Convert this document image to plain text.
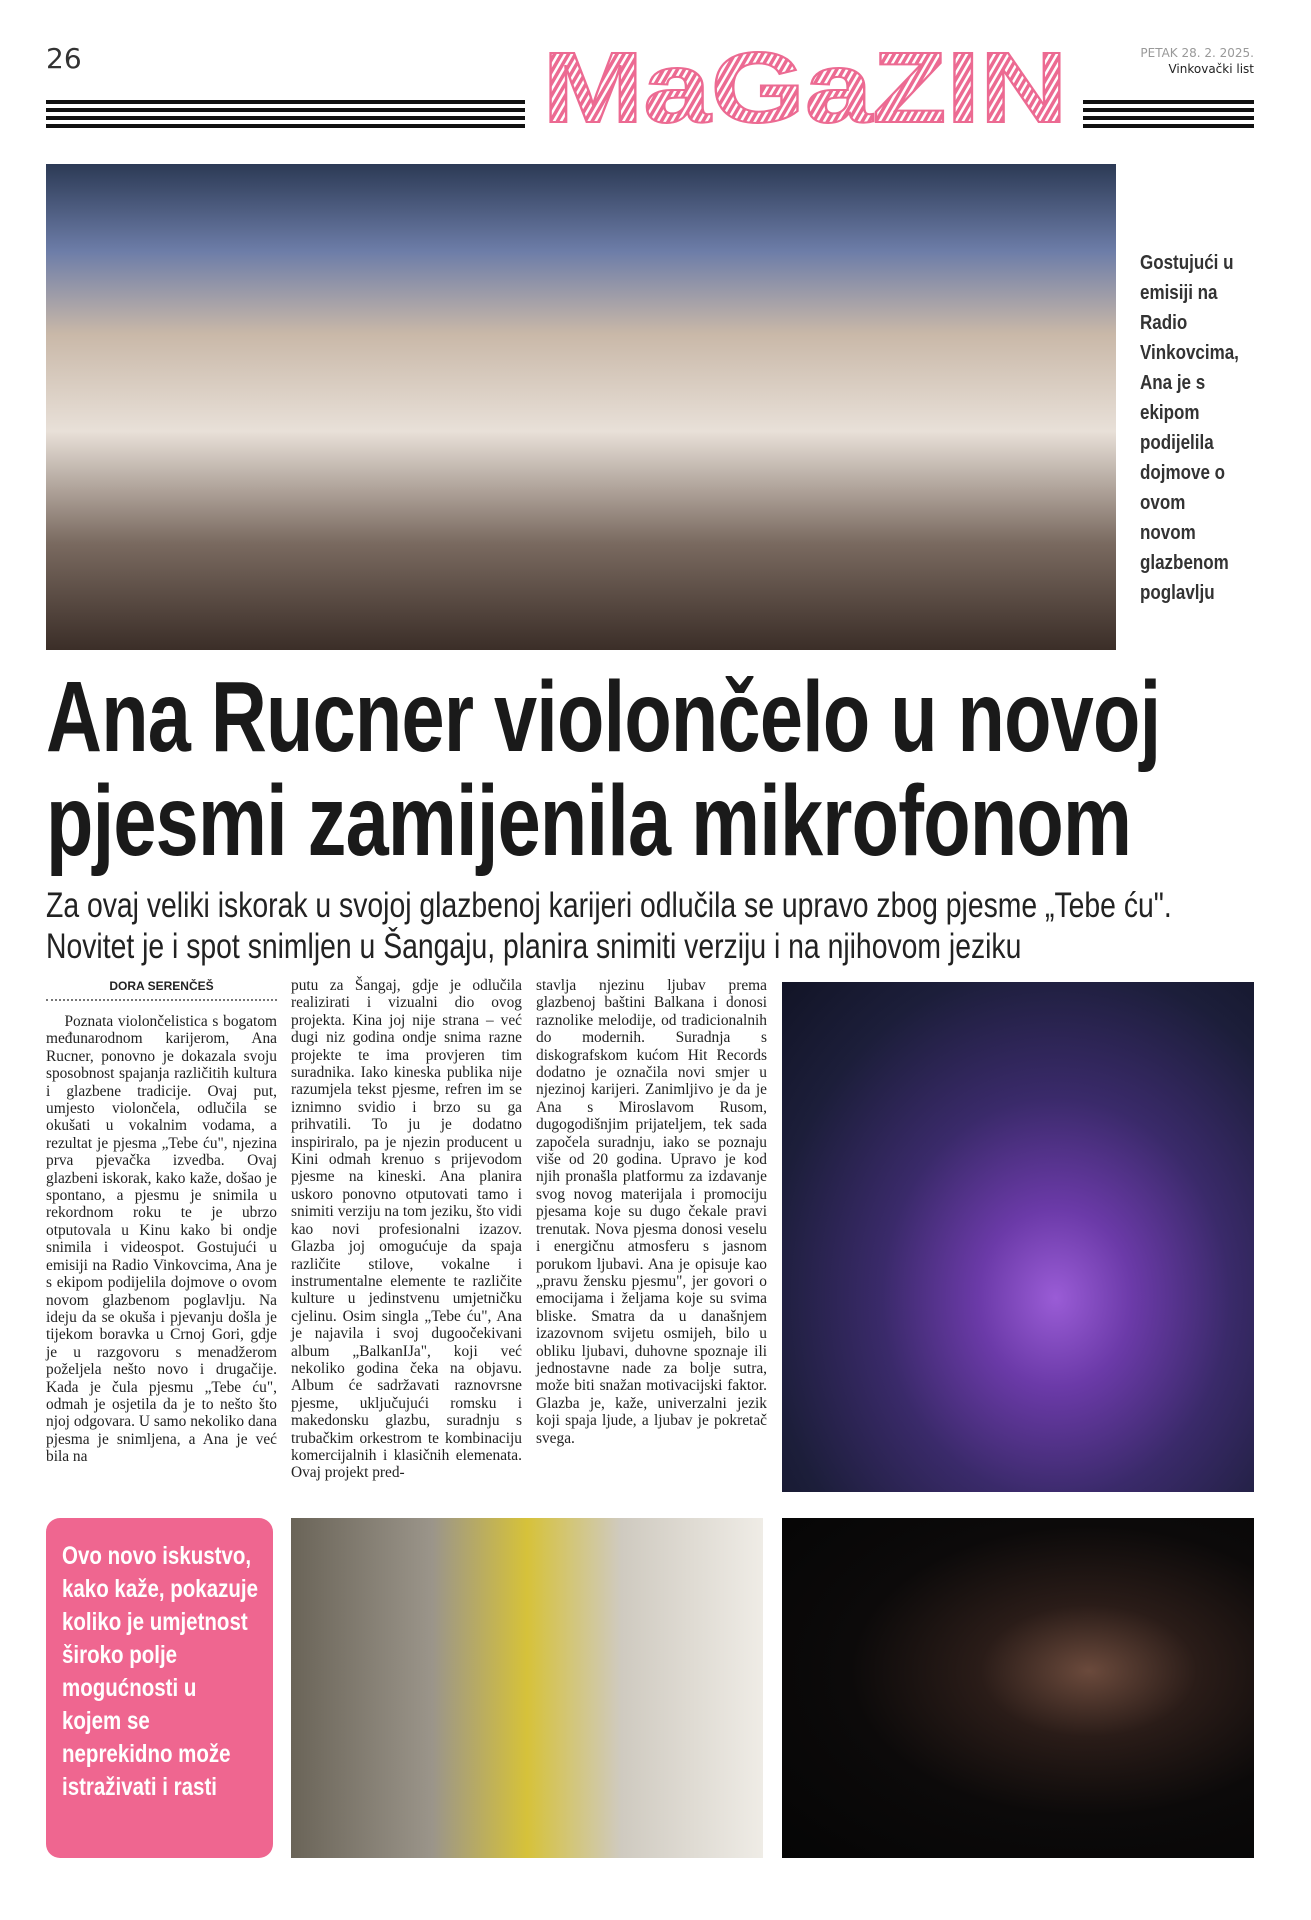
26	MaGaZIN	PETAK 28. 2. 2025.
Vinkovački list
Gostujući u emisiji na Radio Vinkovcima, Ana je s ekipom podijelila dojmove o ovom novom glazbenom poglavlju
Ana Rucner violončelo u novoj
pjesmi zamijenila mikrofonom
Za ovaj veliki iskorak u svojoj glazbenoj karijeri odlučila se upravo zbog pjesme „Tebe ću". Novitet je i spot snimljen u Šangaju, planira snimiti verziju i na njihovom jeziku
DORA SERENČEŠ

Poznata violončelistica s bogatom međunarodnom karijerom, Ana Rucner, ponovno je dokazala svoju sposobnost spajanja različitih kultura i glazbene tradicije. Ovaj put, umjesto violončela, odlučila se okušati u vokalnim vodama, a rezultat je pjesma „Tebe ću", njezina prva pjevačka izvedba. Ovaj glazbeni iskorak, kako kaže, došao je spontano, a pjesmu je snimila u rekordnom roku te je ubrzo otputovala u Kinu kako bi ondje snimila i videospot. Gostujući u emisiji na Radio Vinkovcima, Ana je s ekipom podijelila dojmove o ovom novom glazbenom poglavlju. Na ideju da se okuša i pjevanju došla je tijekom boravka u Crnoj Gori, gdje je u razgovoru s menadžerom poželjela nešto novo i drugačije. Kada je čula pjesmu „Tebe ću", odmah je osjetila da je to nešto što njoj odgovara. U samo nekoliko dana pjesma je snimljena, a Ana je već bila na

putu za Šangaj, gdje je odlučila realizirati i vizualni dio ovog projekta. Kina joj nije strana – već dugi niz godina ondje snima razne projekte te ima provjeren tim suradnika. Iako kineska publika nije razumjela tekst pjesme, refren im se iznimno svidio i brzo su ga prihvatili. To ju je dodatno inspiriralo, pa je njezin producent u Kini odmah krenuo s prijevodom pjesme na kineski. Ana planira uskoro ponovno otputovati tamo i snimiti verziju na tom jeziku, što vidi kao novi profesionalni izazov. Glazba joj omogućuje da spaja različite stilove, vokalne i instrumentalne elemente te različite kulture u jedinstvenu umjetničku cjelinu. Osim singla „Tebe ću", Ana je najavila i svoj dugoočekivani album „BalkanIJa", koji već nekoliko godina čeka na objavu. Album će sadržavati raznovrsne pjesme, uključujući romsku i makedonsku glazbu, suradnju s trubačkim orkestrom te kombinaciju komercijalnih i klasičnih elemenata. Ovaj projekt pred-

stavlja njezinu ljubav prema glazbenoj baštini Balkana i donosi raznolike melodije, od tradicionalnih do modernih. Suradnja s diskografskom kućom Hit Records dodatno je označila novi smjer u njezinoj karijeri. Zanimljivo je da je Ana s Miroslavom Rusom, dugogodišnjim prijateljem, tek sada započela suradnju, iako se poznaju više od 20 godina. Upravo je kod njih pronašla platformu za izdavanje svog novog materijala i promociju pjesama koje su dugo čekale pravi trenutak. Nova pjesma donosi veselu i energičnu atmosferu s jasnom porukom ljubavi. Ana je opisuje kao „pravu žensku pjesmu", jer govori o emocijama i željama koje su svima bliske. Smatra da u današnjem izazovnom svijetu osmijeh, bilo u obliku ljubavi, duhovne spoznaje ili jednostavne nade za bolje sutra, može biti snažan motivacijski faktor. Glazba je, kaže, univerzalni jezik koji spaja ljude, a ljubav je pokretač svega.

Ovo novo iskustvo, kako kaže, pokazuje koliko je umjetnost široko polje mogućnosti u kojem se neprekidno može istraživati i rasti
